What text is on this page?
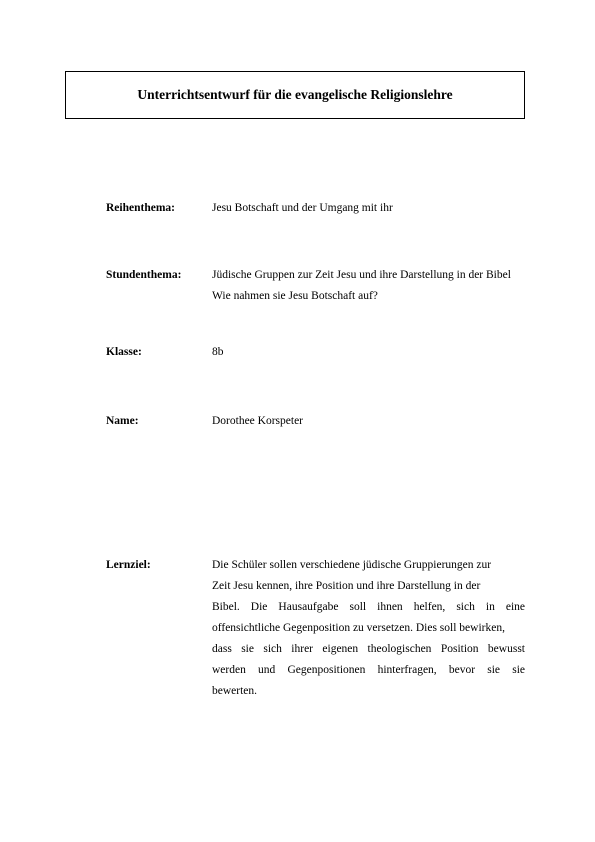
Unterrichtsentwurf für die evangelische Religionslehre
Reihenthema:	Jesu Botschaft und der Umgang mit ihr
Stundenthema:	Jüdische Gruppen zur Zeit Jesu und ihre Darstellung in der Bibel
Wie nahmen sie Jesu Botschaft auf?
Klasse:	8b
Name:	Dorothee Korspeter
Lernziel:	Die Schüler sollen verschiedene jüdische Gruppierungen zur
Zeit Jesu kennen, ihre Position und ihre Darstellung in der
Bibel. Die Hausaufgabe soll ihnen helfen, sich in eine
offensichtliche Gegenposition zu versetzen. Dies soll bewirken,
dass sie sich ihrer eigenen theologischen Position bewusst
werden und Gegenpositionen hinterfragen, bevor sie sie
bewerten.
